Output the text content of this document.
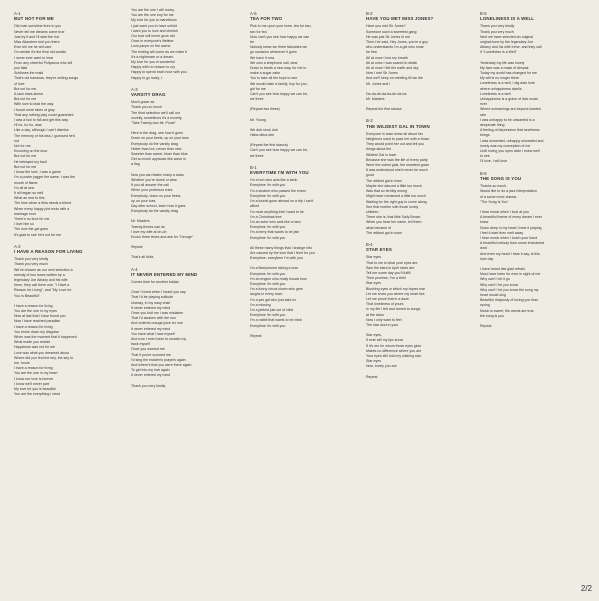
A-1
BUT NOT FOR ME
Old man sunshine lives in you
Never tell me dreams come true
Just try it and I'll start the riot
Miss Aitanders told you there
Ever tell me he will care
I'm certain it's the final old curtain
I never ever want to hear
From any cheerful Pollyanna who tell
you fake
Sublimes the maid
That's old bananas, they're writing songs
of love
But not for me
A-lack stars above
But not for me
With love to lead the way
I found more skies of gray
That any ruthing play could guarantee
I was a fool to fall and get this way
Hi ho, ho ho, alas
Like a day, although I can't dismiss
The memory of his kiss, I guessed he's
not
Not for me
Knocking on the door
But not for me
He betrayed my fault
But not for me
I know the love, I was a game
I'm a poster jagger the same, I was the
mouth of flame
I'm all at sea
It all began so well
What an end to this
The time when a fella needs a friend
When every happy plot ends with a
marriage knot
There's no knot for me
I love him so
The love the gal goes
It's glad to see he's not for me
A-2
I HAVE A REASON FOR LIVING
Thank you very kindly
Thank you very much
We've chosen as our next selection a
melody of two tunes written by a
legendary Joe Albany and his wife
Irene, they call them one, "I Have a
Reason for Living", and "My Love for
You Is Beautiful"
I have a reason for living
You are the one in my eyes
Now at last that I have found you
Now I have reached paradise
I have a reason for living
You broke down my disguise
When was the moment that it happened
What made you realize
Happiness was not for me
Love was what you dreamed about
Where did you find the key, the key to
me, hours
I have a reason for living
You are the one in my heart
I know our love is forever
I know we'll never part
My love for you is beautiful
You are the everything I need
You are the one I will marry,
You are the one boy for me
My love for you is marvellous
I just want you to have unfold
I want you to love and cherish
Our love will never grow old
Once in everyone's lifetime
Love jumps on the scene
The ending will come as we make it
It's a nightmare or a dream
My love for you is wonderful
Happy with no reason to cry
Happy to spend each hour with you
Happy to go lucky, I
A-3
VARSITY DRAG
Much grace as
Thank you so much
The third selection we'll call our
novelty, sometimes it's a novelty,
"Take Twenty-two Mr. Poule"
Here is the drag, see how it goes
Down on your heels, up on your toes
Everybody do the varsity drag
Hotter than hot, newer than new
Sweeter than sweet, bluer than blue
Get so much applause like wave in
a flag
Now you can fasten many a class
Whether you're dumb or wise
If you all answer the call
When your professor cries
Everybody, down on your heels,
up on your toes
Day after school, learn how it goes
Everybody do the varsity drag
Mr. Masters
Twenty-threes can do
I love my wife at oh-oh
Knock three times and ask for "George"
Repeat
That's all folks
A-4
IT NEVER ENTERED MY MIND
Comes time for another ballad.
Once I loved when I heard you say
That I'd be playing solitude
Uneasy, in my easy chair
It never entered my mind
Once you told me I was mistaken
That I'd awaken with the sun
And ordered orange juice for one
It never entered my mind
You have what I lack myself
And now I even have to scratch my
back myself
Once you warned me
That if you're scorned me
I'd sing the maiden's prayers again
And where's that you were there again
To get into my hair again
It never entered my mind
Thank you very kindly
A-5
TEA FOR TWO
Pick to me upon your knee, tea for two,
two for tea
Now can't you see how happy we can
be
Nobody knew we three fabulates we
go occasion whenever it goes
We have it now
We own a telephone call, dear
Down to break a new way, for me to
make a sugar cake
You to take all the boys to see
We would raise a family, boy for you,
girl for me
Can't you see how happy we can be,
we three
(Repeat two times)
Mr. Young
We dub shub dub
Haba deba dee
(Repeat the first stanza)
Can't you see how happy we can be,
we three
B-1
EVERYTIME I'M WITH YOU
I'm a hon who acts like a lamb
Everytime I'm with you
I'm a student who passed the exam
Everytime I'm with you
I'm a tourist gone abroad on a trip I can't
afford
I'm most anything that I want to be
I'm a Christmas tree
I'm an actor who acts like a ham
Everytime I'm with you
I'm a berry that wants to be jam
Everytime I'm with you
All these many things that I change into
Are caused by the love that I feed for you
Everytime, everytime I'm with you
I'm a Barrymoore taking a bow
Everytime I'm with you
I'm an engine who really knows how
Everytime I'm with you
I'm a funny circus clown who gets
laughs in every town
I'm a yes gal who just said no
I'm a missing
I'm a jailbird just out of clink
Everytime I'm with you
I'm a rabbit that wants to be mink
Everytime I'm with you
Repeat
B-2
HAVE YOU MET MISS JONES?
Have you met Sir Jones?
Someone such a sweetest gang
He was just Sir Jones to me
Then I've said, Hey Jones, you're a guy
who understands I'm a gal who must
be free
All at once I lost my breath
All at once I was scared to death
All at once I felt the earth and sky
Now I met Sir Jones
And we'll keep on meeting till we die
Mr. Jones and I
Da-da-de-da-ba-de-da-ba
Mr. Masters
Repeat the first stanza
B-3
THE WILDEST GAL IN TOWN
Everyone in town knew all about her
Neighbors used to pass her with a frown
They would point her out and tell you
things about the
Wildest Gal in town
Because she was the life of every party
Wore the cutest gals, the smartest gown
It was understood she'd never be much
good
The wildest gal in town
Maybe she danced a little too much
Was that so terribly wrong
Might have romanced a little too much
Waiting for the right guy to come along
See that mother with those lovely
children
There she is, that little Sally Brown
When you hear her name, tell them
what became of
The wildest gal in town
B-4
STAR EYES
Star eyes
That to me is what your eyes are
Saw the stars in April skies are
Tell me some day you'll fulfill
Their promise, I've a thrill
Star eyes
Blushing eyes in which my hopes rise
Let me show you where my heart lies
Let me prove that in a daze
That loneliness of yours
In my life I felt and turned to songs
at the skies
Now I only want to feel
The star dust in your
Star eyes,
If ever will my lips know
If it's me for whom those eyes glow
Makes no difference where you are
Your eyes still hold my wishing star
Star eyes
Now, lovely you are
Repeat
B-5
LONELINESS IS A WELL
Thank you very kindly
Thank you very much
Next we have selected an original
original tune by the legendary Joe
Albany and his wife Irene, and they call
it "Loneliness Is a Well"
Yesterday my life was lonely
My face was a mask of despair
Today my world has changed for me
My will is no longer there
Loneliness is a well, I dig dark hole
where unhappiness dwells
Loneliness is a well
Unhappiness is a grave of lack moan
river
Where screamings are beyond wanted
rain
I was unhappy to be unwanted is a
desperate thing
A feeling of depression that loneliness
brings
I was unwanted, unhappy unwanted and
lonely was my conception of me
Until loving you open wide I knew well
to see
I'll love, I will love
B-6
THE SONG IS YOU
Thanks so much.
Would like to do a jazz interpretation
of a some more classic,
"The Song Is You"
I hear music when I look at you
A beautiful theme of every dream I ever
knew
Down deep in my heart I hear it playing
I feel it start then melt away
I hear music when I touch your hand
A beautiful melody from some enchanted
land
And even my heart I hear it say, is this
love day
I have heard this glad refrain
Must have been for ever in sight of me
Why can't I let it go
Why can't I let you know
Why can't I let you know the song my
heart would sing
Beautiful rhapsody of loving you than
spring
Music is sweet, the words are true,
the song is you
Repeat
2/2
